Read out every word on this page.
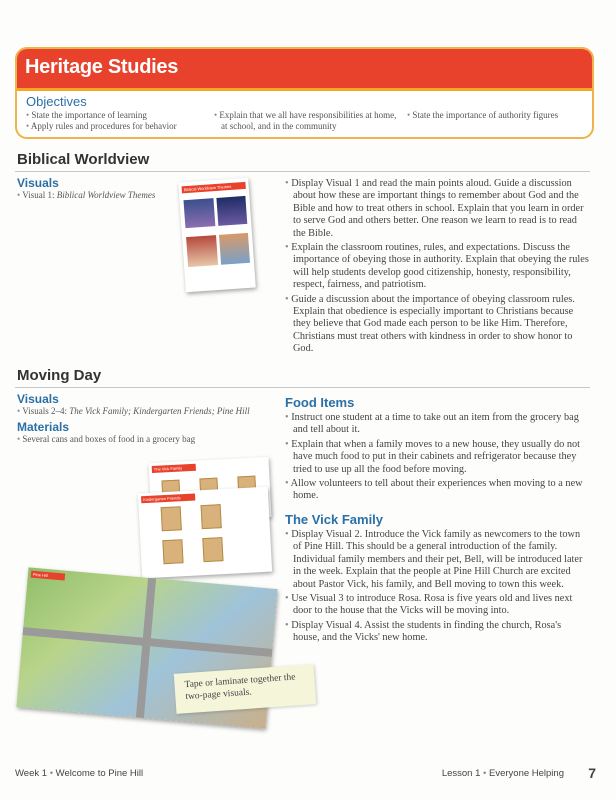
Heritage Studies
Objectives
• State the importance of learning
• Apply rules and procedures for behavior
• Explain that we all have responsibilities at home, at school, and in the community
• State the importance of authority figures
Biblical Worldview
Visuals
• Visual 1: Biblical Worldview Themes
Biblical Worldview Themes	• Display Visual 1 and read the main points aloud. Guide a discussion about how these are important things to remember about God and the Bible and how to treat others in school. Explain that you learn in order to serve God and others better. One reason we learn to read is to read the Bible.
• Explain the classroom routines, rules, and expectations. Discuss the importance of obeying those in authority. Explain that obeying the rules will help students develop good citizenship, honesty, responsibility, respect, fairness, and patriotism.
• Guide a discussion about the importance of obeying classroom rules. Explain that obedience is especially important to Christians because they believe that God made each person to be like Him. Therefore, Christians must treat others with kindness in order to show honor to God.
Moving Day
Visuals
• Visuals 2–4: The Vick Family; Kindergarten Friends; Pine Hill
Materials
• Several cans and boxes of food in a grocery bag
The Vick Family
Kindergarten Friends
Pine Hill
Tape or laminate together the two-page visuals.
Food Items
• Instruct one student at a time to take out an item from the grocery bag and tell about it.
• Explain that when a family moves to a new house, they usually do not have much food to put in their cabinets and refrigerator because they tried to use up all the food before moving.
• Allow volunteers to tell about their experiences when moving to a new home.
The Vick Family
• Display Visual 2. Introduce the Vick family as newcomers to the town of Pine Hill. This should be a general introduction of the family. Individual family members and their pet, Bell, will be introduced later in the week. Explain that the people at Pine Hill Church are excited about Pastor Vick, his family, and Bell moving to town this week.
• Use Visual 3 to introduce Rosa. Rosa is five years old and lives next door to the house that the Vicks will be moving into.
• Display Visual 4. Assist the students in finding the church, Rosa's house, and the Vicks' new home.
Week 1 • Welcome to Pine Hill	Lesson 1 • Everyone Helping 7
